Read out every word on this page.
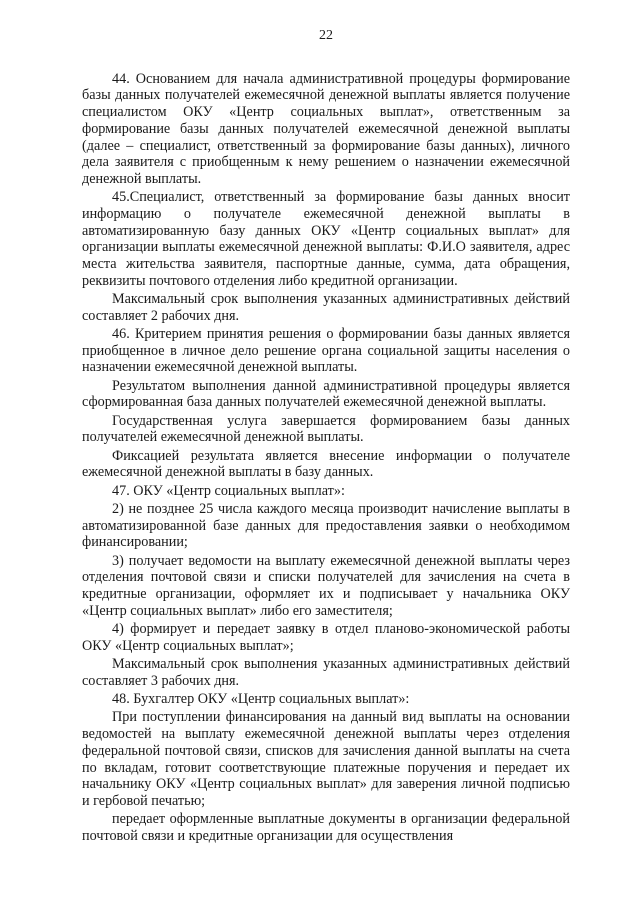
22

44. Основанием для начала административной процедуры формирование базы данных получателей ежемесячной денежной выплаты является получение специалистом ОКУ «Центр социальных выплат», ответственным за формирование базы данных получателей ежемесячной денежной выплаты (далее – специалист, ответственный за формирование базы данных), личного дела заявителя с приобщенным к нему решением о назначении ежемесячной денежной выплаты.

45.Специалист, ответственный за формирование базы данных вносит информацию о получателе ежемесячной денежной выплаты в автоматизированную базу данных ОКУ «Центр социальных выплат» для организации выплаты ежемесячной денежной выплаты: Ф.И.О заявителя, адрес места жительства заявителя, паспортные данные, сумма, дата обращения, реквизиты почтового отделения либо кредитной организации.

Максимальный срок выполнения указанных административных действий составляет 2 рабочих дня.

46. Критерием принятия решения о формировании базы данных является приобщенное в личное дело решение органа социальной защиты населения о назначении ежемесячной денежной выплаты.

Результатом выполнения данной административной процедуры является сформированная база данных получателей ежемесячной денежной выплаты.

Государственная услуга завершается формированием базы данных получателей ежемесячной денежной выплаты.

Фиксацией результата является внесение информации о получателе ежемесячной денежной выплаты в базу данных.

47. ОКУ «Центр социальных выплат»:

2) не позднее 25 числа каждого месяца производит начисление выплаты в автоматизированной базе данных для предоставления заявки о необходимом финансировании;

3) получает ведомости на выплату ежемесячной денежной выплаты через отделения почтовой связи и списки получателей для зачисления на счета в кредитные организации, оформляет их и подписывает у начальника ОКУ «Центр социальных выплат» либо его заместителя;

4) формирует и передает заявку в отдел планово-экономической работы ОКУ «Центр социальных выплат»;

Максимальный срок выполнения указанных административных действий составляет 3 рабочих дня.

48. Бухгалтер ОКУ «Центр социальных выплат»:

При поступлении финансирования на данный вид выплаты на основании ведомостей на выплату ежемесячной денежной выплаты через отделения федеральной почтовой связи, списков для зачисления данной выплаты на счета по вкладам, готовит соответствующие платежные поручения и передает их начальнику ОКУ «Центр социальных выплат» для заверения личной подписью и гербовой печатью;

передает оформленные выплатные документы в организации федеральной почтовой связи и кредитные организации для осуществления
